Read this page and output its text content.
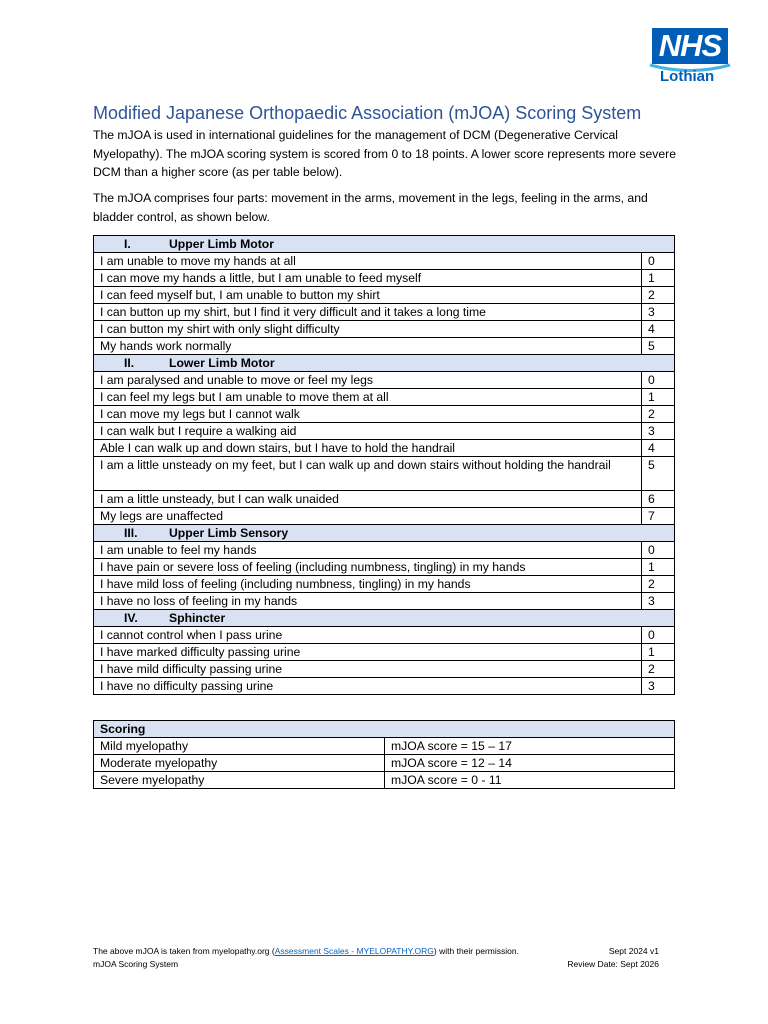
NHS
Lothian
Modified Japanese Orthopaedic Association (mJOA) Scoring System
The mJOA is used in international guidelines for the management of DCM (Degenerative Cervical Myelopathy). The mJOA scoring system is scored from 0 to 18 points. A lower score represents more severe DCM than a higher score (as per table below).
The mJOA comprises four parts: movement in the arms, movement in the legs, feeling in the arms, and bladder control, as shown below.
I. Upper Limb Motor	
I am unable to move my hands at all	0
I can move my hands a little, but I am unable to feed myself	1
I can feed myself but, I am unable to button my shirt	2
I can button up my shirt, but I find it very difficult and it takes a long time	3
I can button my shirt with only slight difficulty	4
My hands work normally	5
II. Lower Limb Motor	
I am paralysed and unable to move or feel my legs	0
I can feel my legs but I am unable to move them at all	1
I can move my legs but I cannot walk	2
I can walk but I require a walking aid	3
Able I can walk up and down stairs, but I have to hold the handrail	4
I am a little unsteady on my feet, but I can walk up and down stairs without holding the handrail	5
I am a little unsteady, but I can walk unaided	6
My legs are unaffected	7
III. Upper Limb Sensory	
I am unable to feel my hands	0
I have pain or severe loss of feeling (including numbness, tingling) in my hands	1
I have mild loss of feeling (including numbness, tingling) in my hands	2
I have no loss of feeling in my hands	3
IV. Sphincter	
I cannot control when I pass urine	0
I have marked difficulty passing urine	1
I have mild difficulty passing urine	2
I have no difficulty passing urine	3
Scoring	
Mild myelopathy	mJOA score = 15 – 17
Moderate myelopathy	mJOA score = 12 – 14
Severe myelopathy	mJOA score = 0 - 11
The above mJOA is taken from myelopathy.org (Assessment Scales - MYELOPATHY.ORG) with their permission.	Sept 2024 v1
mJOA Scoring System	Review Date: Sept 2026
